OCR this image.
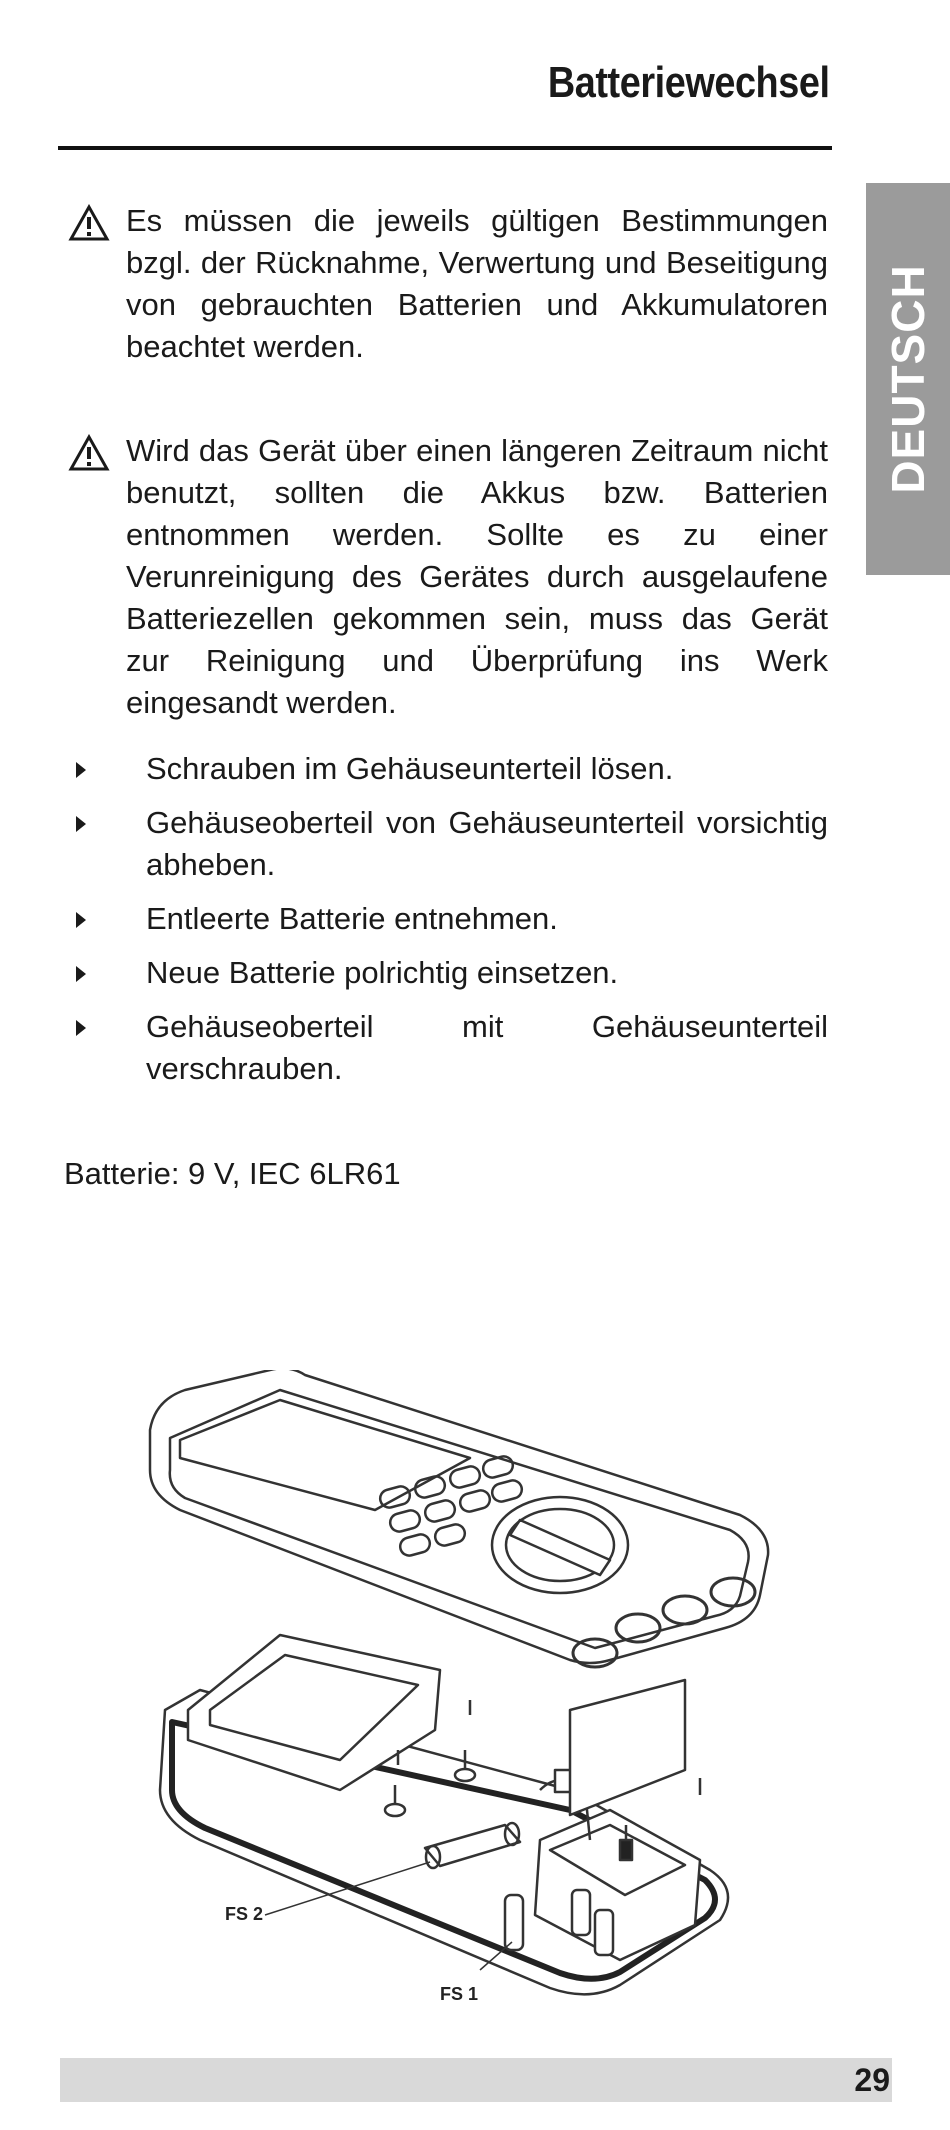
Batteriewechsel
DEUTSCH

Es müssen die jeweils gültigen Bestimmungen bzgl. der Rücknahme, Verwertung und Beseitigung von gebrauchten Batterien und Akkumulatoren beachtet werden.

Wird das Gerät über einen längeren Zeitraum nicht benutzt, sollten die Akkus bzw. Batterien entnommen werden. Sollte es zu einer Verunreinigung des Gerätes durch ausgelaufene Batteriezellen gekommen sein, muss das Gerät zur Reinigung und Überprüfung ins Werk eingesandt werden.

Schrauben im Gehäuseunterteil lösen.
Gehäuseoberteil von Gehäuseunterteil vorsichtig abheben.
Entleerte Batterie entnehmen.
Neue Batterie polrichtig einsetzen.
Gehäuseoberteil mit Gehäuseunterteil verschrauben.
Batterie: 9 V, IEC 6LR61
FS 2
FS 1
29
